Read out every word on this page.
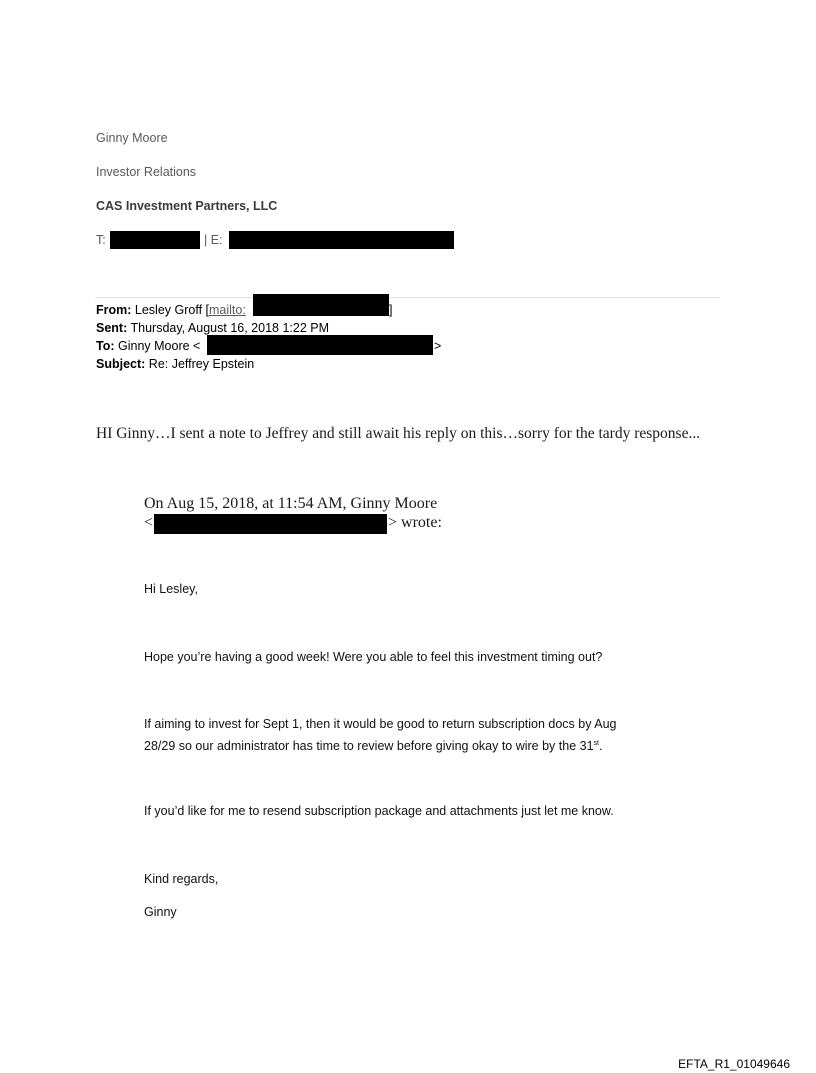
Ginny Moore
Investor Relations
CAS Investment Partners, LLC
T:	| E:
From: Lesley Groff [mailto:	]
Sent: Thursday, August 16, 2018 1:22 PM
To: Ginny Moore <	>
Subject: Re: Jeffrey Epstein
HI Ginny…I sent a note to Jeffrey and still await his reply on this…sorry for the tardy response...
On Aug 15, 2018, at 11:54 AM, Ginny Moore
<	> wrote:
Hi Lesley,
Hope you’re having a good week! Were you able to feel this investment timing out?
If aiming to invest for Sept 1, then it would be good to return subscription docs by Aug
28/29 so our administrator has time to review before giving okay to wire by the 31st.
If you’d like for me to resend subscription package and attachments just let me know.
Kind regards,
Ginny
EFTA_R1_01049646
